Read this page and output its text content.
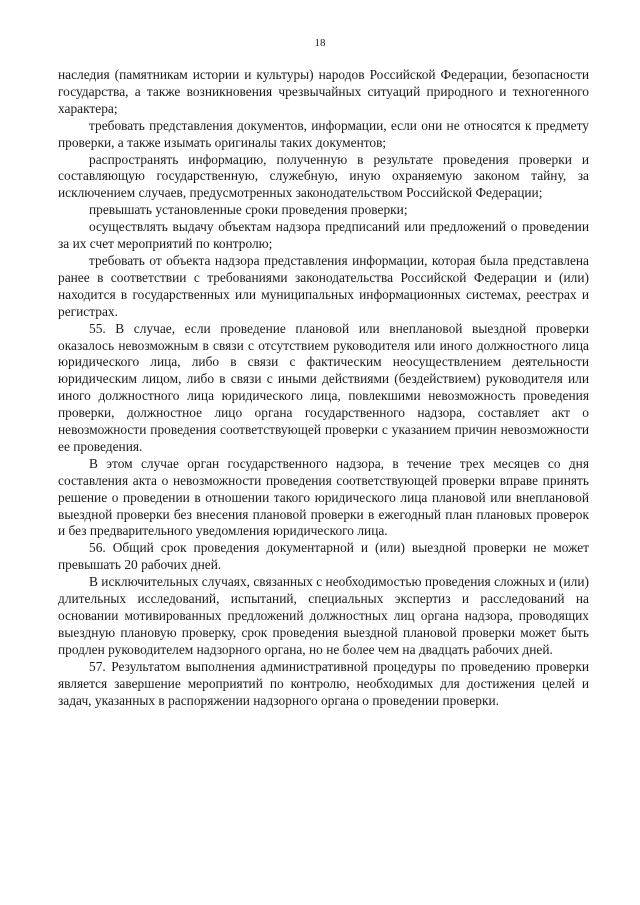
18

наследия (памятникам истории и культуры) народов Российской Федерации, безопасности государства, а также возникновения чрезвычайных ситуаций природного и техногенного характера;

требовать представления документов, информации, если они не относятся к предмету проверки, а также изымать оригиналы таких документов;

распространять информацию, полученную в результате проведения проверки и составляющую государственную, служебную, иную охраняемую законом тайну, за исключением случаев, предусмотренных законодательством Российской Федерации;

превышать установленные сроки проведения проверки;

осуществлять выдачу объектам надзора предписаний или предложений о проведении за их счет мероприятий по контролю;

требовать от объекта надзора представления информации, которая была представлена ранее в соответствии с требованиями законодательства Российской Федерации и (или) находится в государственных или муниципальных информационных системах, реестрах и регистрах.

55. В случае, если проведение плановой или внеплановой выездной проверки оказалось невозможным в связи с отсутствием руководителя или иного должностного лица юридического лица, либо в связи с фактическим неосуществлением деятельности юридическим лицом, либо в связи с иными действиями (бездействием) руководителя или иного должностного лица юридического лица, повлекшими невозможность проведения проверки, должностное лицо органа государственного надзора, составляет акт о невозможности проведения соответствующей проверки с указанием причин невозможности ее проведения.

В этом случае орган государственного надзора, в течение трех месяцев со дня составления акта о невозможности проведения соответствующей проверки вправе принять решение о проведении в отношении такого юридического лица плановой или внеплановой выездной проверки без внесения плановой проверки в ежегодный план плановых проверок и без предварительного уведомления юридического лица.

56. Общий срок проведения документарной и (или) выездной проверки не может превышать 20 рабочих дней.

В исключительных случаях, связанных с необходимостью проведения сложных и (или) длительных исследований, испытаний, специальных экспертиз и расследований на основании мотивированных предложений должностных лиц органа надзора, проводящих выездную плановую проверку, срок проведения выездной плановой проверки может быть продлен руководителем надзорного органа, но не более чем на двадцать рабочих дней.

57. Результатом выполнения административной процедуры по проведению проверки является завершение мероприятий по контролю, необходимых для достижения целей и задач, указанных в распоряжении надзорного органа о проведении проверки.
